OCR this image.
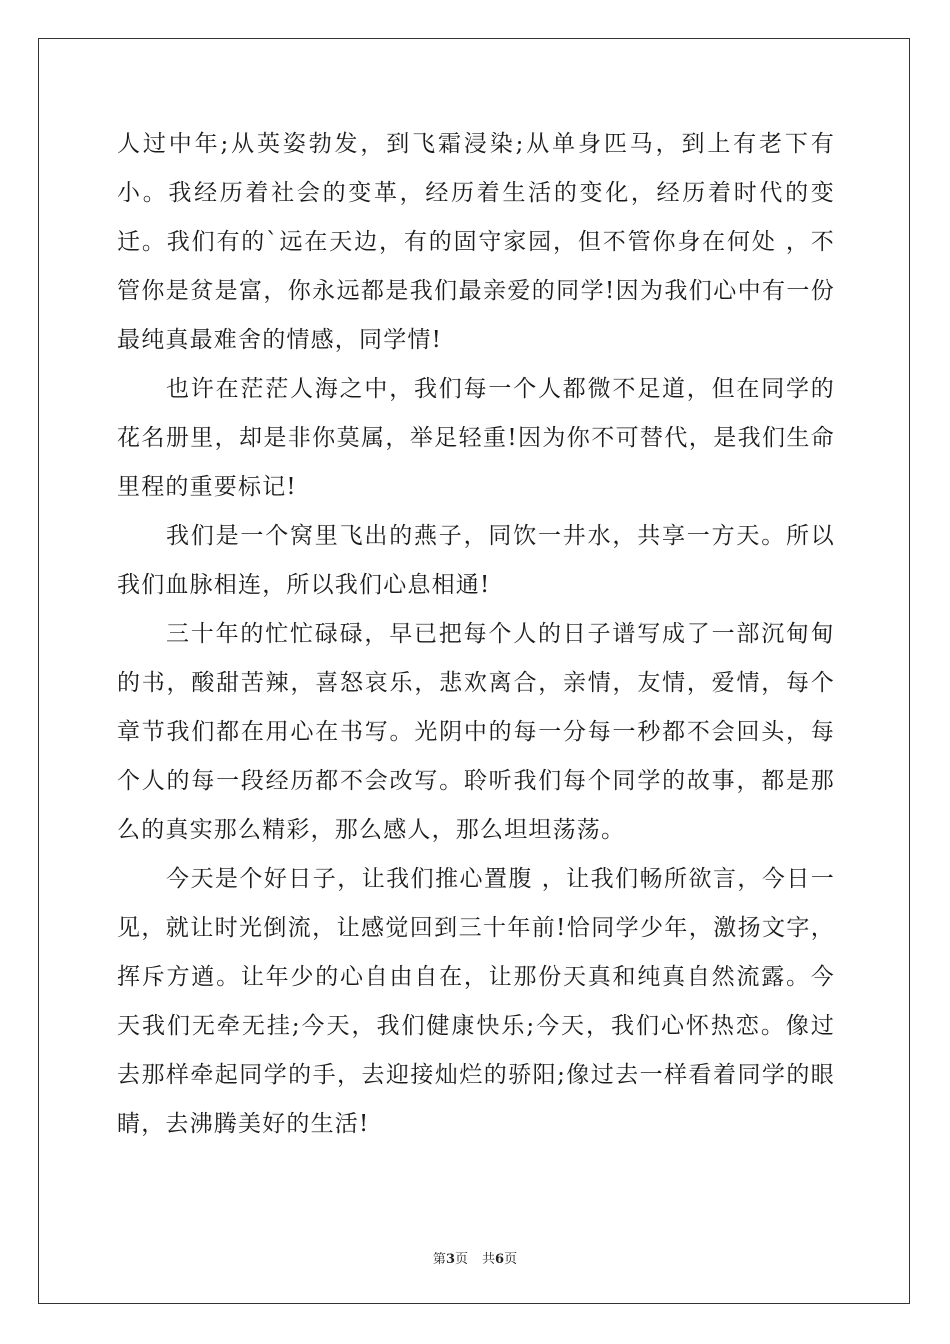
人过中年;从英姿勃发，到飞霜浸染;从单身匹马，到上有老下有小。我经历着社会的变革，经历着生活的变化，经历着时代的变迁。我们有的`远在天边，有的固守家园，但不管你身在何处 ，不管你是贫是富，你永远都是我们最亲爱的同学!因为我们心中有一份最纯真最难舍的情感，同学情!

也许在茫茫人海之中，我们每一个人都微不足道，但在同学的花名册里，却是非你莫属，举足轻重!因为你不可替代，是我们生命里程的重要标记!

我们是一个窝里飞出的燕子，同饮一井水，共享一方天。所以我们血脉相连，所以我们心息相通!

三十年的忙忙碌碌，早已把每个人的日子谱写成了一部沉甸甸的书，酸甜苦辣，喜怒哀乐，悲欢离合，亲情，友情，爱情，每个章节我们都在用心在书写。光阴中的每一分每一秒都不会回头，每个人的每一段经历都不会改写。聆听我们每个同学的故事，都是那么的真实那么精彩，那么感人，那么坦坦荡荡。

今天是个好日子，让我们推心置腹 ，让我们畅所欲言，今日一见，就让时光倒流，让感觉回到三十年前!恰同学少年，激扬文字，挥斥方遒。让年少的心自由自在，让那份天真和纯真自然流露。今天我们无牵无挂;今天，我们健康快乐;今天，我们心怀热恋。像过去那样牵起同学的手，去迎接灿烂的骄阳;像过去一样看着同学的眼睛，去沸腾美好的生活!

第3页 共6页
